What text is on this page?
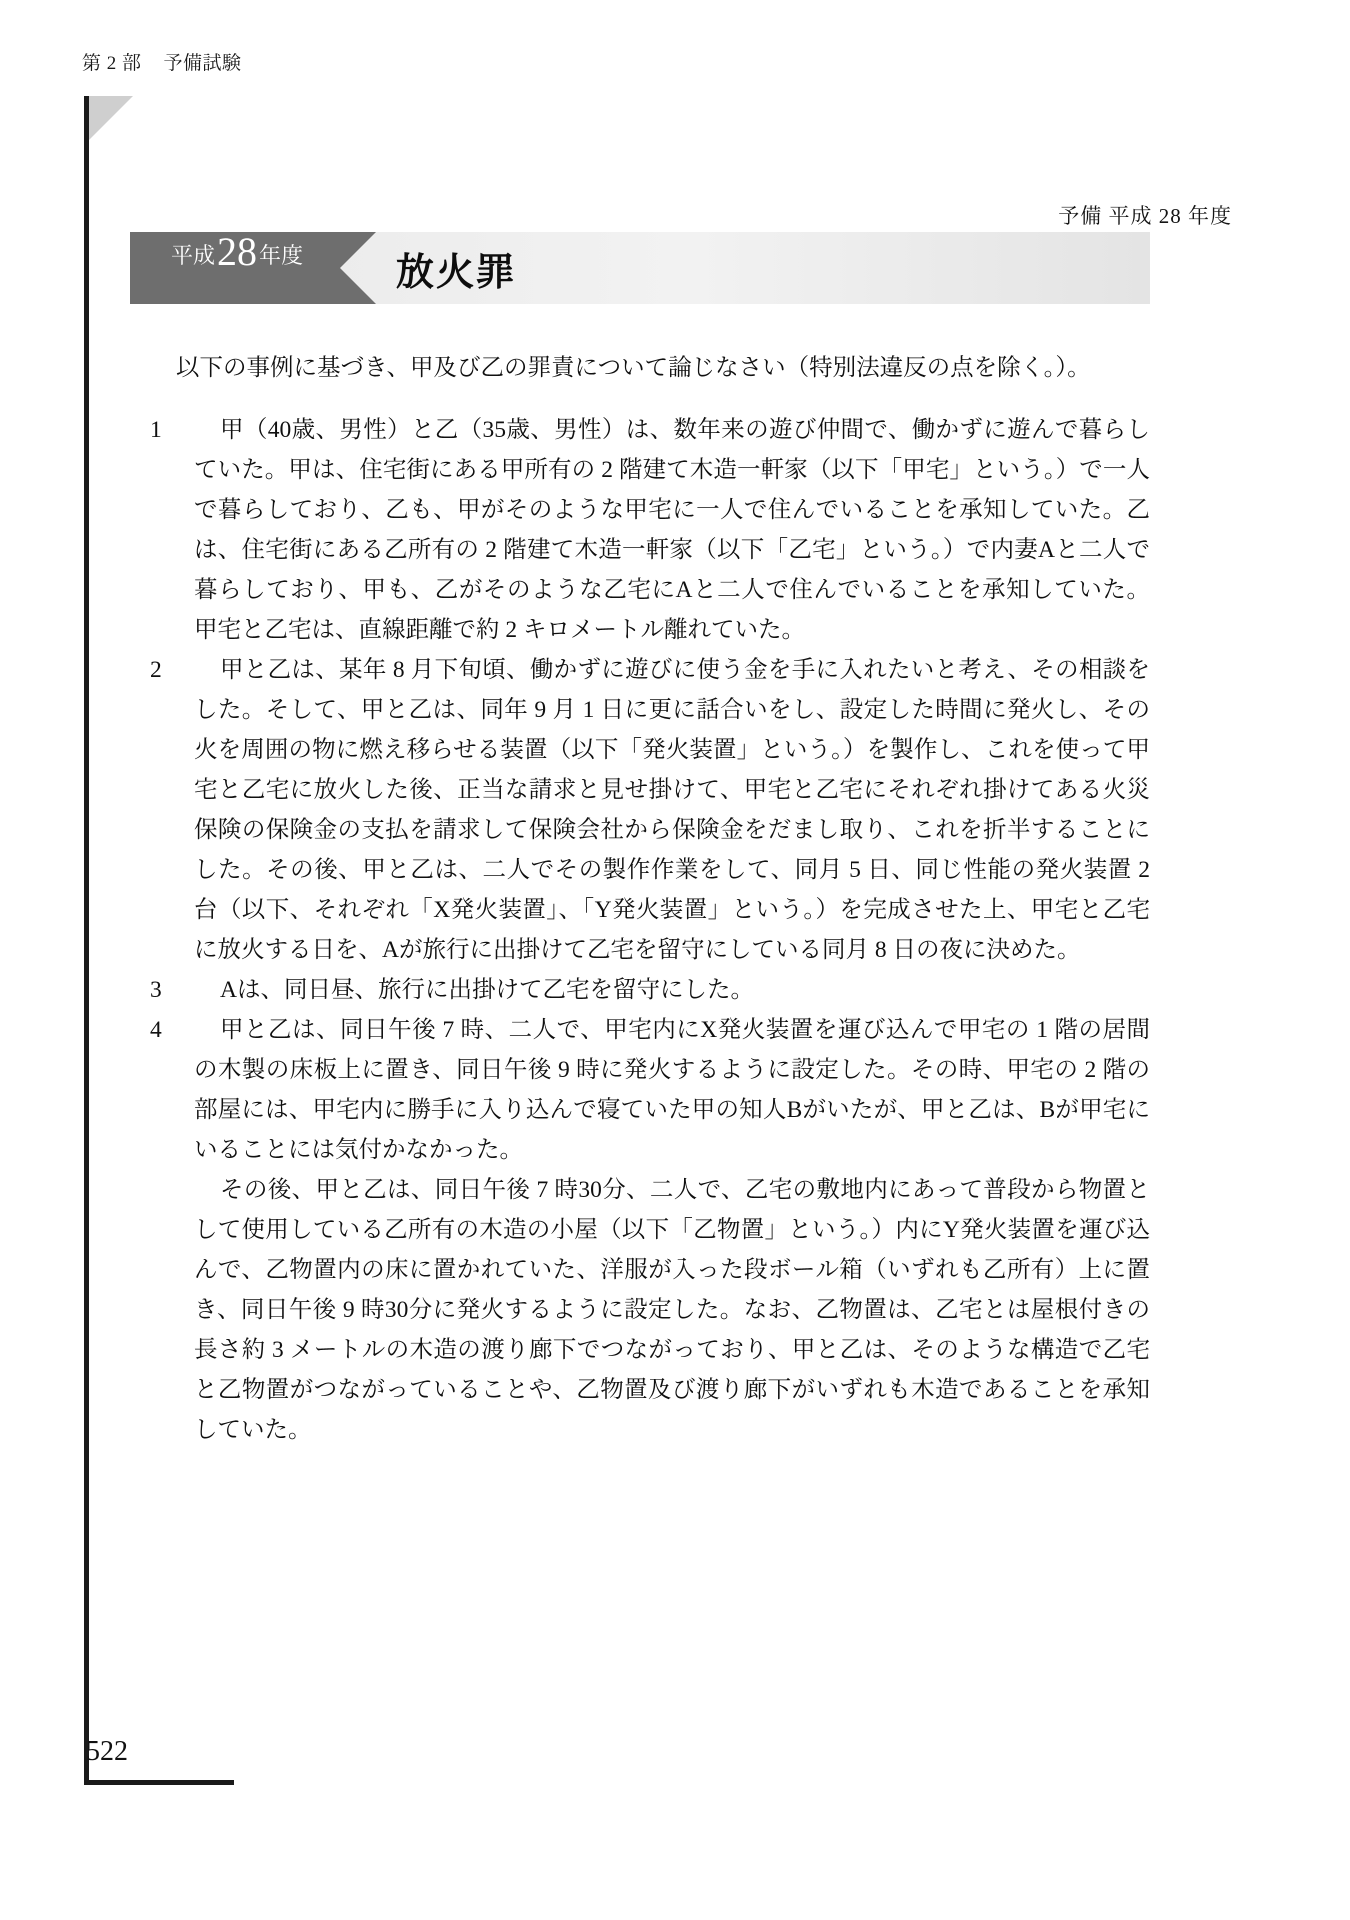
第 2 部 予備試験
予備 平成 28 年度
平成 28 年度 放火罪

以下の事例に基づき、甲及び乙の罪責について論じなさい（特別法違反の点を除く。）。

1	甲（40歳、男性）と乙（35歳、男性）は、数年来の遊び仲間で、働かずに遊んで暮らしていた。甲は、住宅街にある甲所有の 2 階建て木造一軒家（以下「甲宅」という。）で一人で暮らしており、乙も、甲がそのような甲宅に一人で住んでいることを承知していた。乙は、住宅街にある乙所有の 2 階建て木造一軒家（以下「乙宅」という。）で内妻Aと二人で暮らしており、甲も、乙がそのような乙宅にAと二人で住んでいることを承知していた。甲宅と乙宅は、直線距離で約 2 キロメートル離れていた。

2	甲と乙は、某年 8 月下旬頃、働かずに遊びに使う金を手に入れたいと考え、その相談をした。そして、甲と乙は、同年 9 月 1 日に更に話合いをし、設定した時間に発火し、その火を周囲の物に燃え移らせる装置（以下「発火装置」という。）を製作し、これを使って甲宅と乙宅に放火した後、正当な請求と見せ掛けて、甲宅と乙宅にそれぞれ掛けてある火災保険の保険金の支払を請求して保険会社から保険金をだまし取り、これを折半することにした。その後、甲と乙は、二人でその製作作業をして、同月 5 日、同じ性能の発火装置 2 台（以下、それぞれ「X発火装置」、「Y発火装置」という。）を完成させた上、甲宅と乙宅に放火する日を、Aが旅行に出掛けて乙宅を留守にしている同月 8 日の夜に決めた。

3	Aは、同日昼、旅行に出掛けて乙宅を留守にした。

4	甲と乙は、同日午後 7 時、二人で、甲宅内にX発火装置を運び込んで甲宅の 1 階の居間の木製の床板上に置き、同日午後 9 時に発火するように設定した。その時、甲宅の 2 階の部屋には、甲宅内に勝手に入り込んで寝ていた甲の知人Bがいたが、甲と乙は、Bが甲宅にいることには気付かなかった。

その後、甲と乙は、同日午後 7 時30分、二人で、乙宅の敷地内にあって普段から物置として使用している乙所有の木造の小屋（以下「乙物置」という。）内にY発火装置を運び込んで、乙物置内の床に置かれていた、洋服が入った段ボール箱（いずれも乙所有）上に置き、同日午後 9 時30分に発火するように設定した。なお、乙物置は、乙宅とは屋根付きの長さ約 3 メートルの木造の渡り廊下でつながっており、甲と乙は、そのような構造で乙宅と乙物置がつながっていることや、乙物置及び渡り廊下がいずれも木造であることを承知していた。

522
